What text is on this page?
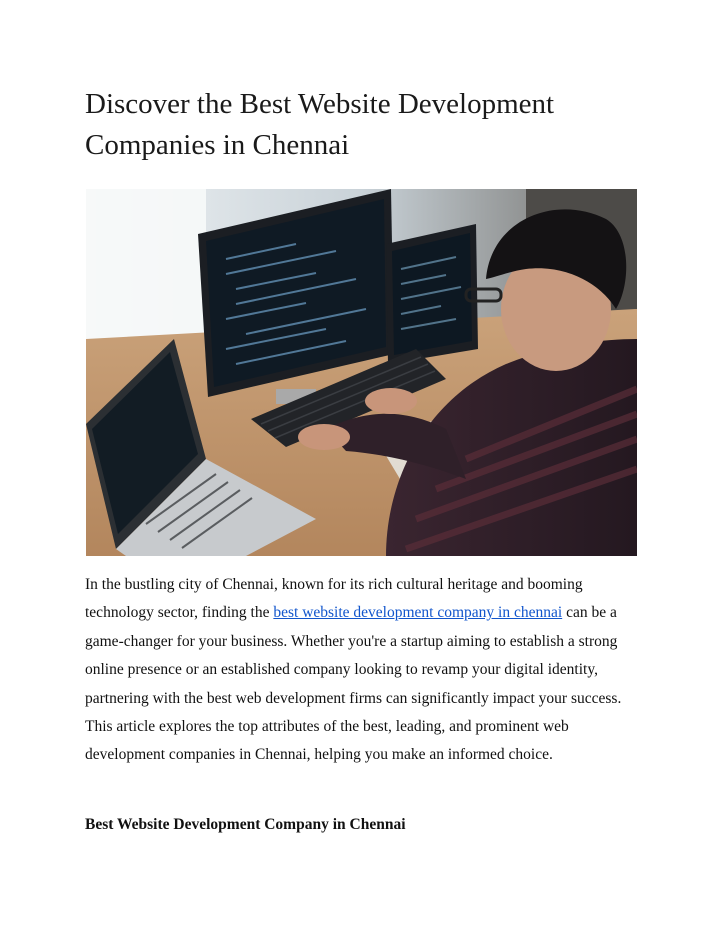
Discover the Best Website Development Companies in Chennai

In the bustling city of Chennai, known for its rich cultural heritage and booming technology sector, finding the best website development company in chennai can be a game-changer for your business. Whether you're a startup aiming to establish a strong online presence or an established company looking to revamp your digital identity, partnering with the best web development firms can significantly impact your success. This article explores the top attributes of the best, leading, and prominent web development companies in Chennai, helping you make an informed choice.

Best Website Development Company in Chennai
